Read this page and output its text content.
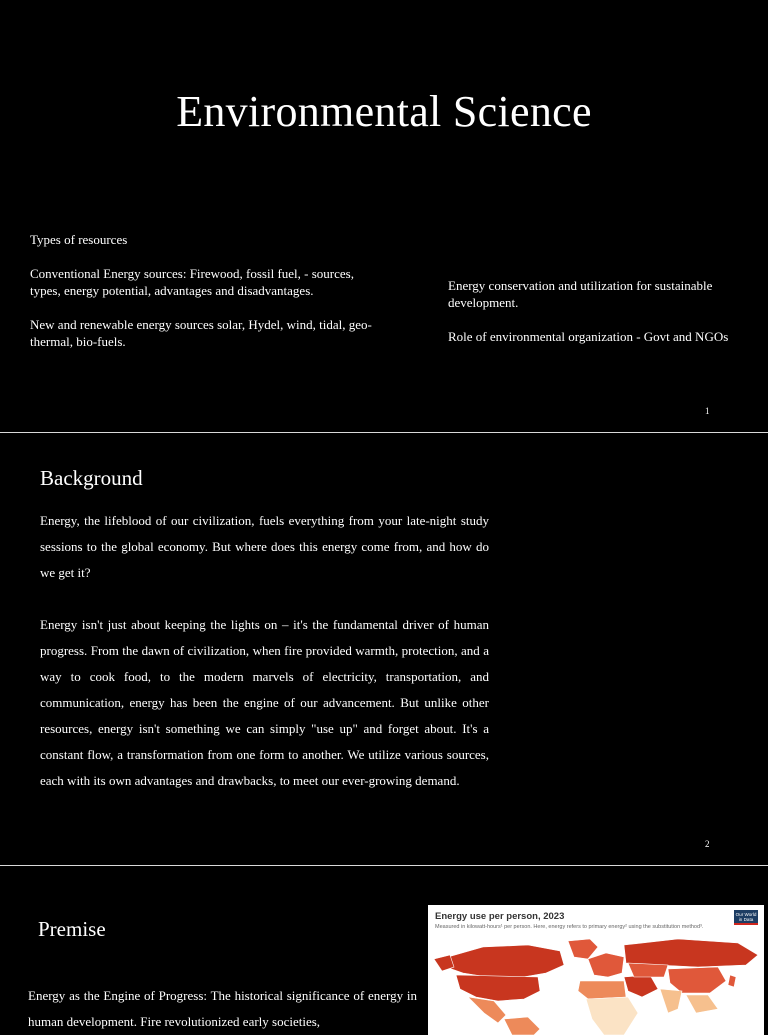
Environmental Science

Types of resources

Conventional Energy sources: Firewood, fossil fuel, - sources, types, energy potential, advantages and disadvantages.

New and renewable energy sources solar, Hydel, wind, tidal, geo-thermal, bio-fuels.

Energy conservation and utilization for sustainable development.

Role of environmental organization - Govt and NGOs

1
Background
2

Energy, the lifeblood of our civilization, fuels everything from your late-night study sessions to the global economy. But where does this energy come from, and how do we get it?

Energy isn't just about keeping the lights on – it's the fundamental driver of human progress. From the dawn of civilization, when fire provided warmth, protection, and a way to cook food, to the modern marvels of electricity, transportation, and communication, energy has been the engine of our advancement. But unlike other resources, energy isn't something we can simply "use up" and forget about. It's a constant flow, a transformation from one form to another. We utilize various sources, each with its own advantages and drawbacks, to meet our ever-growing demand.

Premise

Energy as the Engine of Progress: The historical significance of energy in human development. Fire revolutionized early societies,

Energy use per person, 2023
Measured in kilowatt-hours¹ per person. Here, energy refers to primary energy² using the substitution method³.
Our World
in Data
